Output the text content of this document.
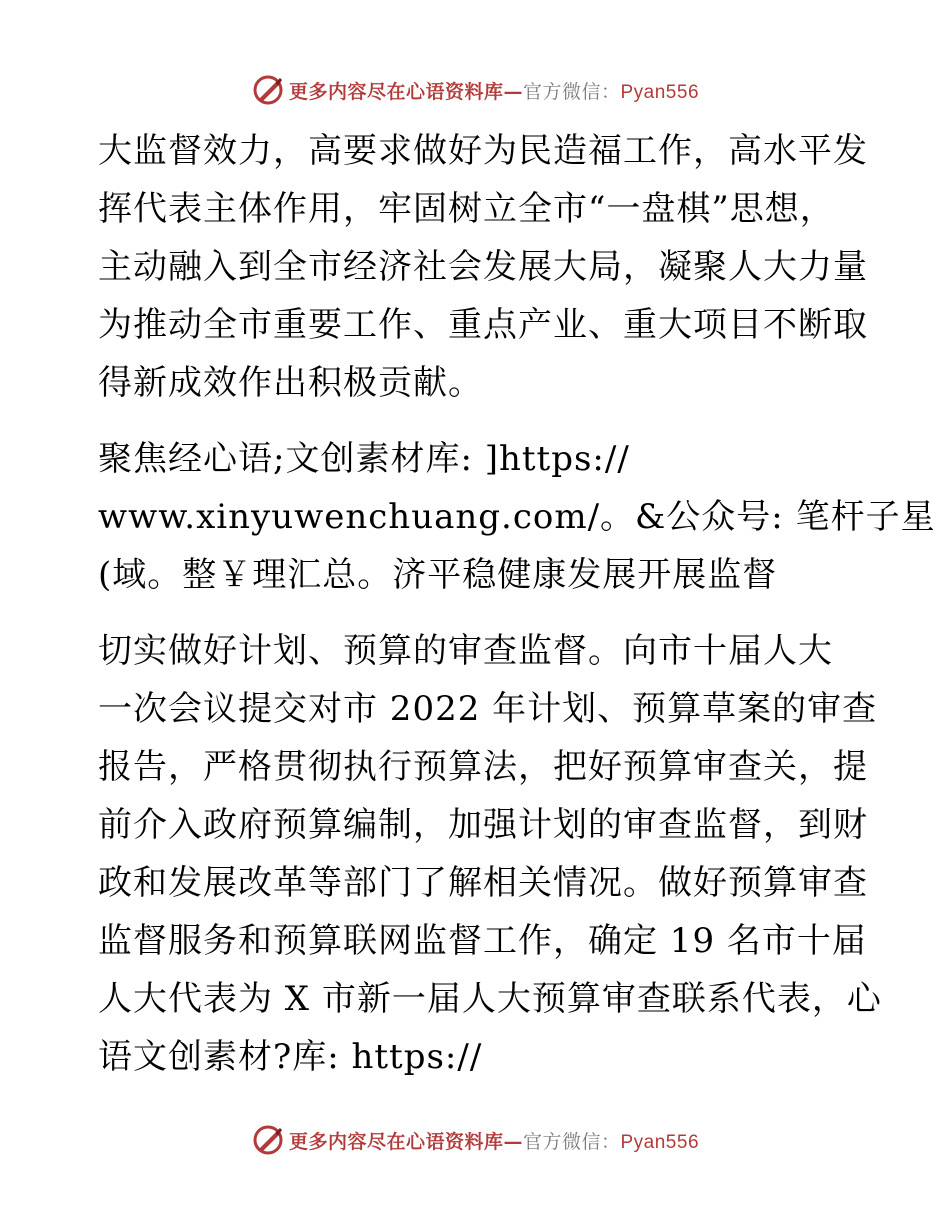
更多内容尽在心语资料库—官方微信：Pyan556
大监督效力，高要求做好为民造福工作，高水平发
挥代表主体作用，牢固树立全市“一盘棋”思想，
主动融入到全市经济社会发展大局，凝聚人大力量
为推动全市重要工作、重点产业、重大项目不断取
得新成效作出积极贡献。
聚焦经心语;文创素材库: ]https://
www.xinyuwenchuang.com/。&公众号: 笔杆子星
(域。整￥理汇总。济平稳健康发展开展监督
切实做好计划、预算的审查监督。向市十届人大
一次会议提交对市 2022 年计划、预算草案的审查
报告，严格贯彻执行预算法，把好预算审查关，提
前介入政府预算编制，加强计划的审查监督，到财
政和发展改革等部门了解相关情况。做好预算审查
监督服务和预算联网监督工作，确定 19 名市十届
人大代表为 X 市新一届人大预算审查联系代表，心
语文创素材?库: https://
更多内容尽在心语资料库—官方微信：Pyan556
